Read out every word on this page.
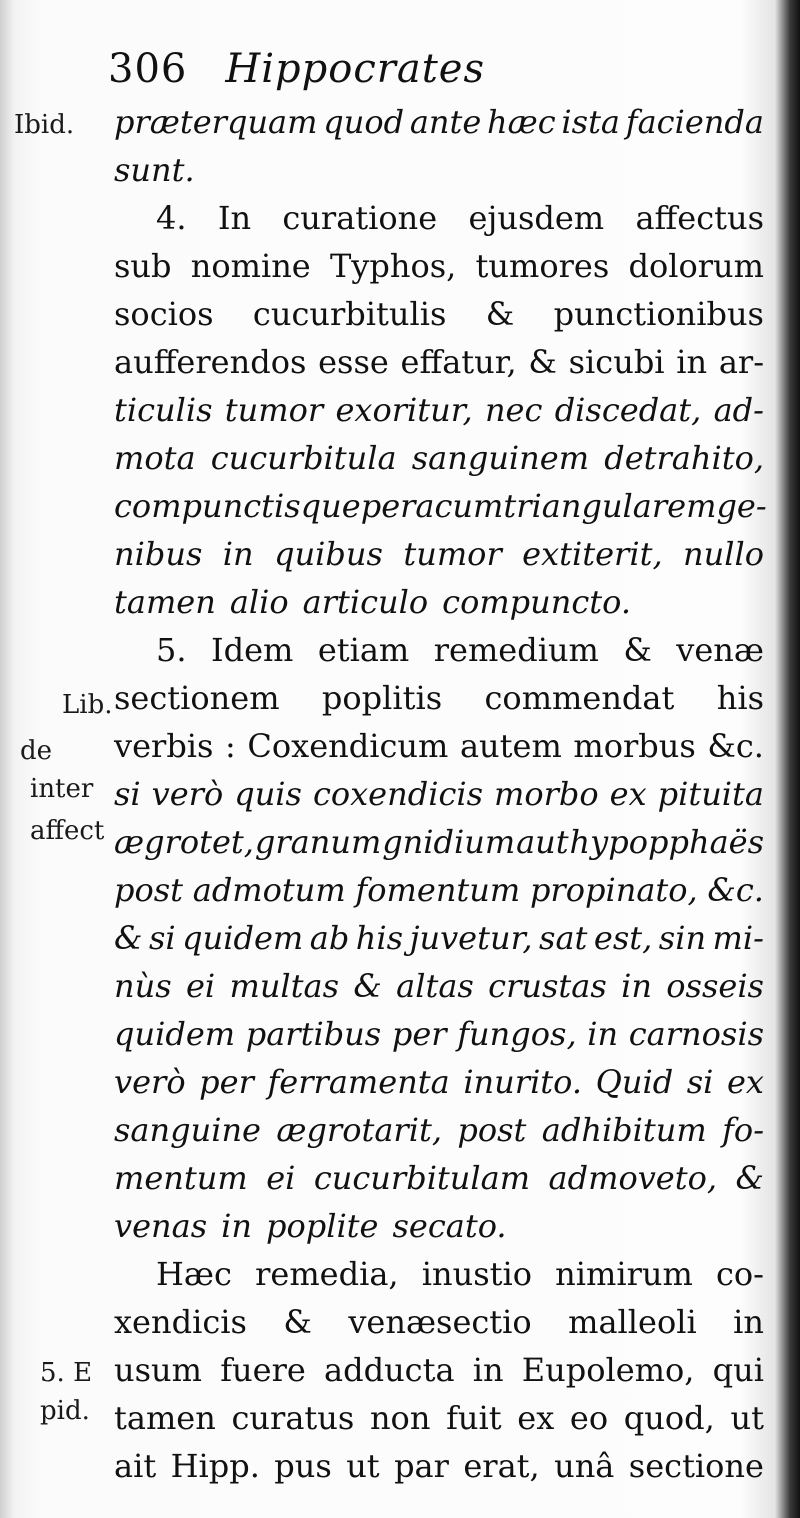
306 Hippocrates
Ibid.
Lib.
de
inter
affect
5. E
pid.
præterquam quod ante hæc ista facienda
sunt.
4. In curatione ejusdem affectus
sub nomine Typhos, tumores dolorum
socios cucurbitulis & punctionibus
aufferendos esse effatur, & sicubi in ar-
ticulis tumor exoritur, nec discedat, ad-
mota cucurbitula sanguinem detrahito,
compunctisque per acum triangularem ge-
nibus in quibus tumor extiterit, nullo
tamen alio articulo compuncto.
5. Idem etiam remedium & venæ
sectionem poplitis commendat his
verbis : Coxendicum autem morbus &c.
si verò quis coxendicis morbo ex pituita
ægrotet, granum gnidium aut hypopphaës
post admotum fomentum propinato, &c.
& si quidem ab his juvetur, sat est, sin mi-
nùs ei multas & altas crustas in osseis
quidem partibus per fungos, in carnosis
verò per ferramenta inurito. Quid si ex
sanguine ægrotarit, post adhibitum fo-
mentum ei cucurbitulam admoveto, &
venas in poplite secato.
Hæc remedia, inustio nimirum co-
xendicis & venæsectio malleoli in
usum fuere adducta in Eupolemo, qui
tamen curatus non fuit ex eo quod, ut
ait Hipp. pus ut par erat, unâ sectione
